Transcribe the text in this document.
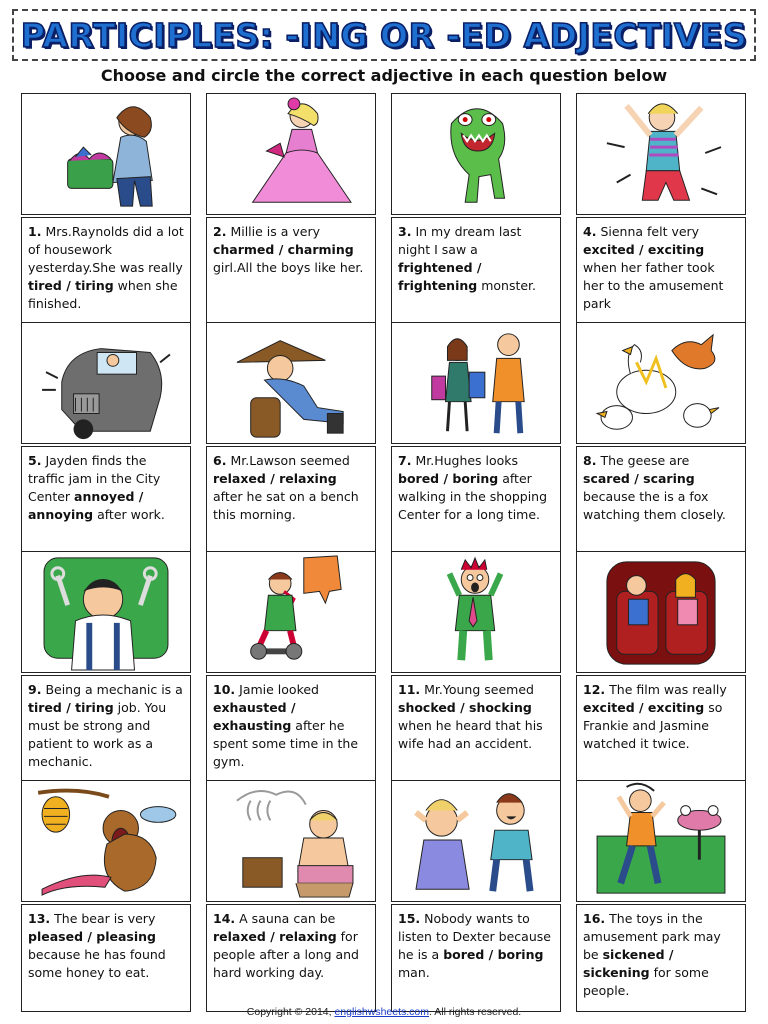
PARTICIPLES: -ING OR -ED ADJECTIVES
Choose and circle the correct adjective in each question below
1. Mrs.Raynolds did a lot of housework yesterday.She was really tired / tiring when she finished.
2. Millie is a very charmed / charming girl.All the boys like her.
3. In my dream last night I saw a frightened / frightening monster.
4. Sienna felt very excited / exciting when her father took her to the amusement park
5. Jayden finds the traffic jam in the City Center annoyed / annoying after work.
6. Mr.Lawson seemed relaxed / relaxing after he sat on a bench this morning.
7. Mr.Hughes looks bored / boring after walking in the shopping Center for a long time.
8. The geese are scared / scaring because the is a fox watching them closely.
9. Being a mechanic is a tired / tiring job. You must be strong and patient to work as a mechanic.
10. Jamie looked exhausted / exhausting after he spent some time in the gym.
11. Mr.Young seemed shocked / shocking when he heard that his wife had an accident.
12. The film was really excited / exciting so Frankie and Jasmine watched it twice.
13. The bear is very pleased / pleasing because he has found some honey to eat.
14. A sauna can be relaxed / relaxing for people after a long and hard working day.
15. Nobody wants to listen to Dexter because he is a bored / boring man.
16. The toys in the amusement park may be sickened / sickening for some people.
Copyright © 2014, englishwsheets.com. All rights reserved.
